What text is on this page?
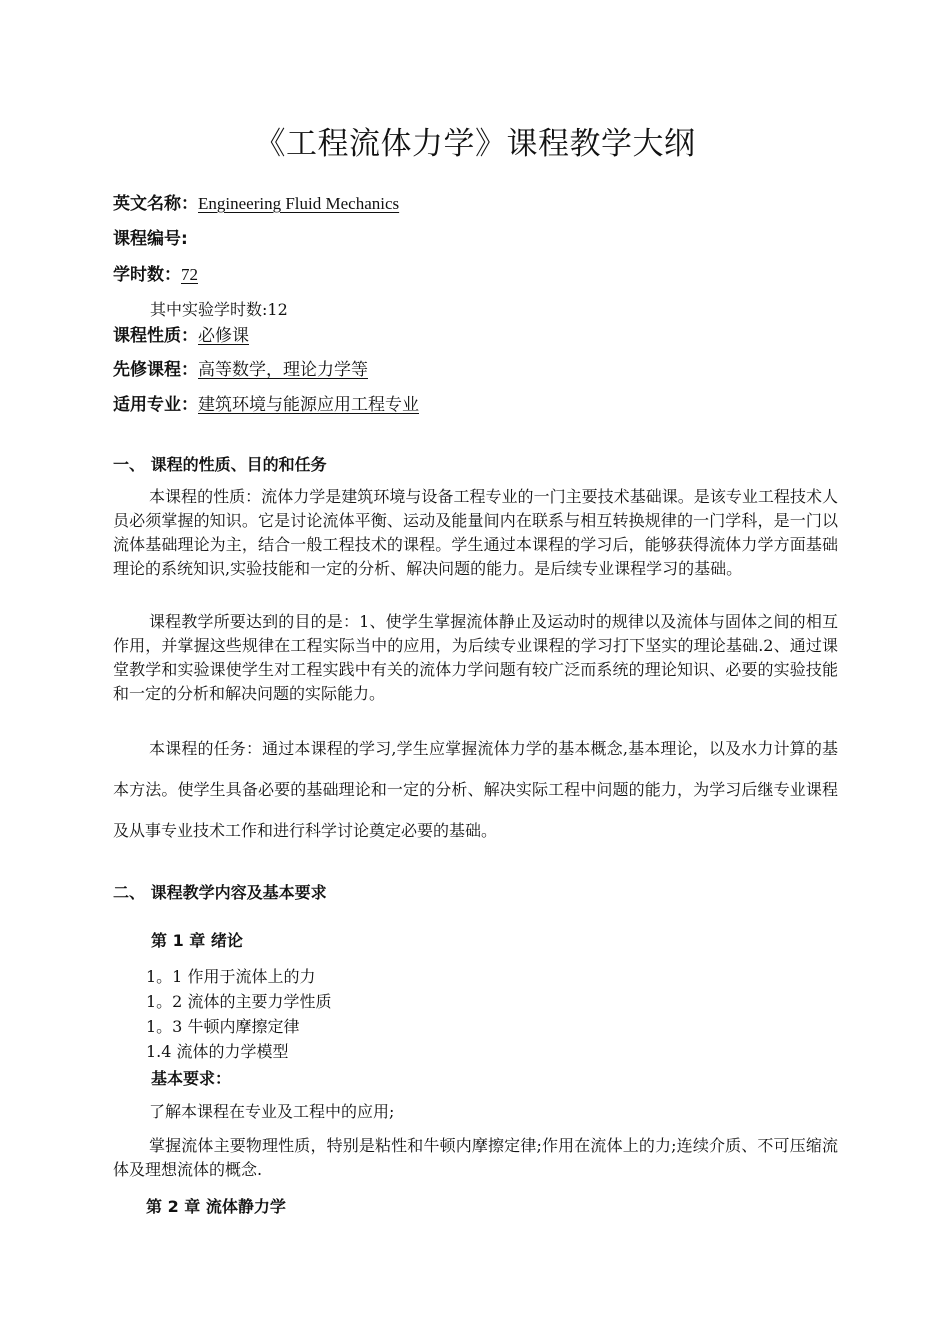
《工程流体力学》课程教学大纲
英文名称：Engineering Fluid Mechanics
课程编号:
学时数：72
其中实验学时数:12
课程性质：必修课
先修课程：高等数学，理论力学等
适用专业：建筑环境与能源应用工程专业
一、 课程的性质、目的和任务

本课程的性质：流体力学是建筑环境与设备工程专业的一门主要技术基础课。是该专业工程技术人员必须掌握的知识。它是讨论流体平衡、运动及能量间内在联系与相互转换规律的一门学科，是一门以流体基础理论为主，结合一般工程技术的课程。学生通过本课程的学习后，能够获得流体力学方面基础理论的系统知识,实验技能和一定的分析、解决问题的能力。是后续专业课程学习的基础。

课程教学所要达到的目的是：1、使学生掌握流体静止及运动时的规律以及流体与固体之间的相互作用，并掌握这些规律在工程实际当中的应用，为后续专业课程的学习打下坚实的理论基础.2、通过课堂教学和实验课使学生对工程实践中有关的流体力学问题有较广泛而系统的理论知识、必要的实验技能和一定的分析和解决问题的实际能力。

本课程的任务：通过本课程的学习,学生应掌握流体力学的基本概念,基本理论，以及水力计算的基本方法。使学生具备必要的基础理论和一定的分析、解决实际工程中问题的能力，为学习后继专业课程及从事专业技术工作和进行科学讨论奠定必要的基础。

二、 课程教学内容及基本要求
第 1 章 绪论
1。1 作用于流体上的力
1。2 流体的主要力学性质
1。3 牛顿内摩擦定律
1.4 流体的力学模型
基本要求：

了解本课程在专业及工程中的应用;

掌握流体主要物理性质，特别是粘性和牛顿内摩擦定律;作用在流体上的力;连续介质、不可压缩流体及理想流体的概念.

第 2 章 流体静力学
